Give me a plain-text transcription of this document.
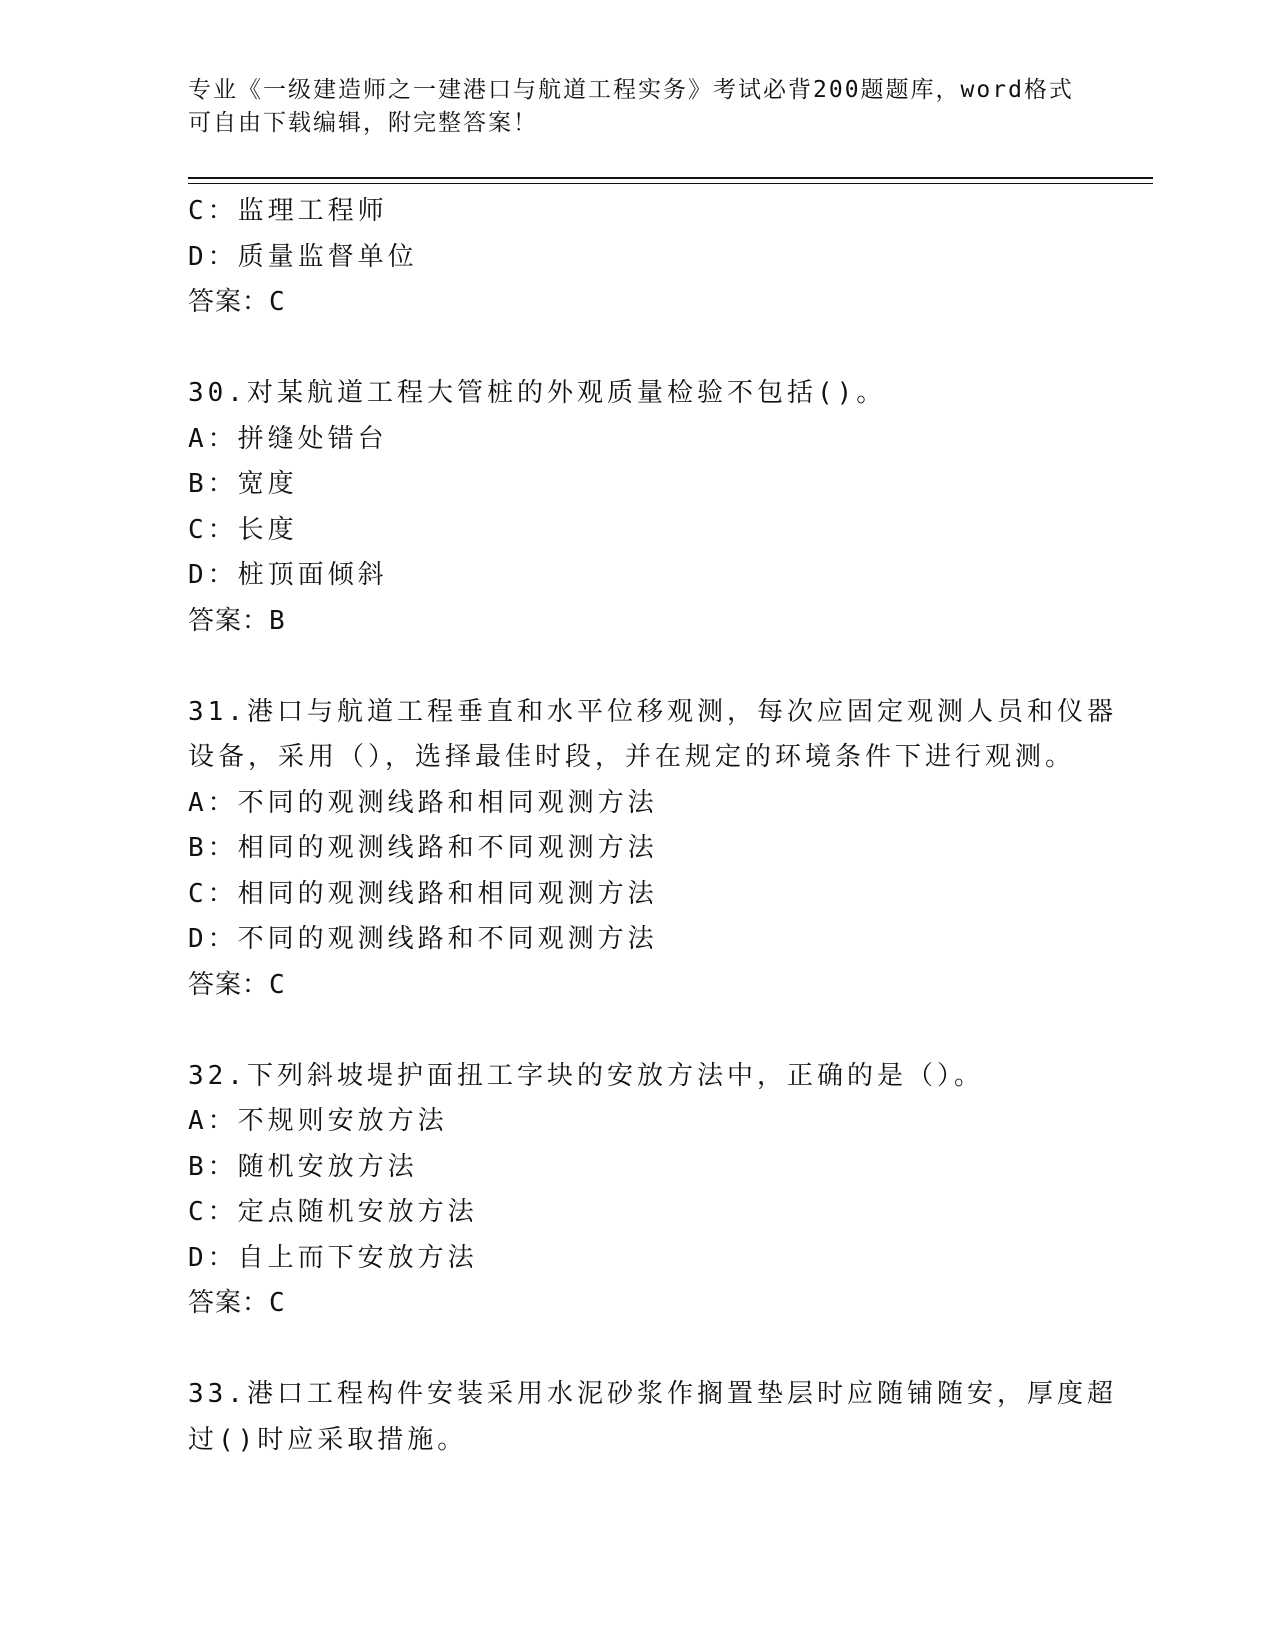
专业《一级建造师之一建港口与航道工程实务》考试必背200题题库，word格式
可自由下载编辑，附完整答案！
C：监理工程师
D：质量监督单位
答案：C
30.对某航道工程大管桩的外观质量检验不包括()。
A：拼缝处错台
B：宽度
C：长度
D：桩顶面倾斜
答案：B
31.港口与航道工程垂直和水平位移观测，每次应固定观测人员和仪器
设备，采用（），选择最佳时段，并在规定的环境条件下进行观测。
A：不同的观测线路和相同观测方法
B：相同的观测线路和不同观测方法
C：相同的观测线路和相同观测方法
D：不同的观测线路和不同观测方法
答案：C
32.下列斜坡堤护面扭工字块的安放方法中，正确的是（）。
A：不规则安放方法
B：随机安放方法
C：定点随机安放方法
D：自上而下安放方法
答案：C
33.港口工程构件安装采用水泥砂浆作搁置垫层时应随铺随安，厚度超
过()时应采取措施。
